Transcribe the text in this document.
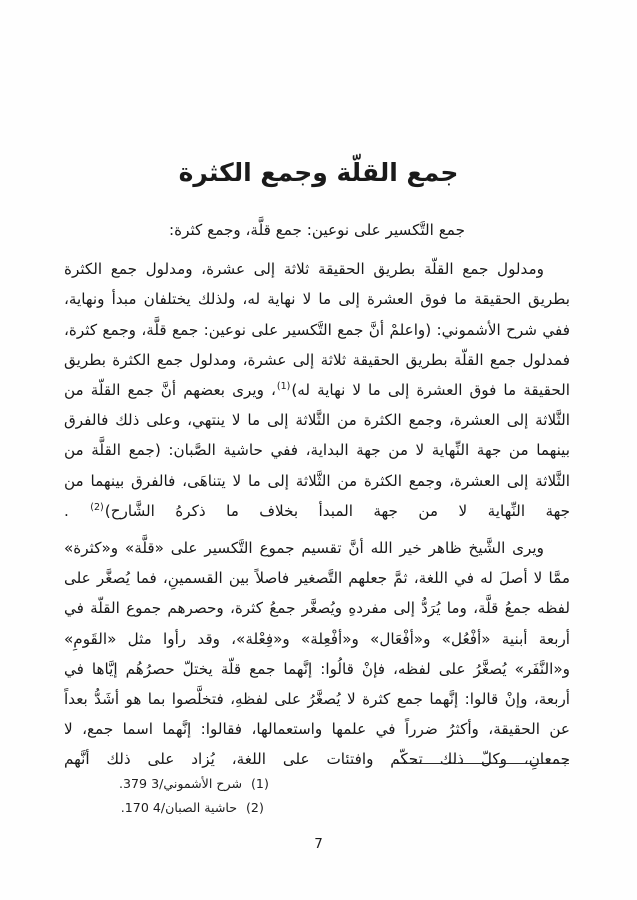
جمع القلّة وجمع الكثرة

جمع التَّكسير على نوعين: جمع قلَّة، وجمع كثرة:

ومدلول جمع القلّة بطريق الحقيقة ثلاثة إلى عشرة، ومدلول جمع الكثرة بطريق الحقيقة ما فوق العشرة إلى ما لا نهاية له، ولذلك يختلفان مبدأ ونهاية، ففي شرح الأشموني: (واعلمْ أنَّ جمع التَّكسير على نوعين: جمع قلَّة، وجمع كثرة، فمدلول جمع القلّة بطريق الحقيقة ثلاثة إلى عشرة، ومدلول جمع الكثرة بطريق الحقيقة ما فوق العشرة إلى ما لا نهاية له)$^{(1)}$، ويرى بعضهم أنَّ جمع القلّة من الثَّلاثة إلى العشرة، وجمع الكثرة من الثَّلاثة إلى ما لا ينتهي، وعلى ذلك فالفرق بينهما من جهة النِّهاية لا من جهة البداية، ففي حاشية الصَّبان: (جمع القلَّة من الثَّلاثة إلى العشرة، وجمع الكثرة من الثَّلاثة إلى ما لا يتناهَى، فالفرق بينهما من جهة النِّهاية لا من جهة المبدأ بخلاف ما ذكرهُ الشَّارح)$^{(2)}$ .

ويرى الشَّيخ ظاهر خير الله أنَّ تقسيم جموع التَّكسير على «قلَّة» و«كثرة» ممَّا لا أصلَ له في اللغة، ثمَّ جعلهم التَّصغير فاصلاً بين القسمينِ، فما يُصغَّر على لفظه جمعُ قلَّة، وما يُرَدُّ إلى مفردهِ ويُصغَّر جمعُ كثرة، وحصرهم جموع القلّة في أربعة أبنية «أفْعُل» و«أفْعَال» و«أفْعِلة» و«فِعْلة»، وقد رأوا مثل «القَومِ» و«النَّفَر» يُصغَّرُ على لفظه، فإنْ قالُوا: إنَّهما جمع قلّة يختلّ حصرُهُم إيَّاها في أربعة، وإنْ قالوا: إنَّهما جمع كثرة لا يُصغَّرُ على لفظهِ، فتخلَّصوا بما هو أشَدُّ بعداً عن الحقيقة، وأكثرُ ضرراً في علمها واستعمالها، فقالوا: إنَّهما اسما جمع، لا جمعانِ، وكلّ ذلك تحكّم وافتئات على اللغة، يُزاد على ذلك أنَّهم

(1)
شرح الأشموني/3 379.
(2)
حاشية الصبان/4 170.
7
